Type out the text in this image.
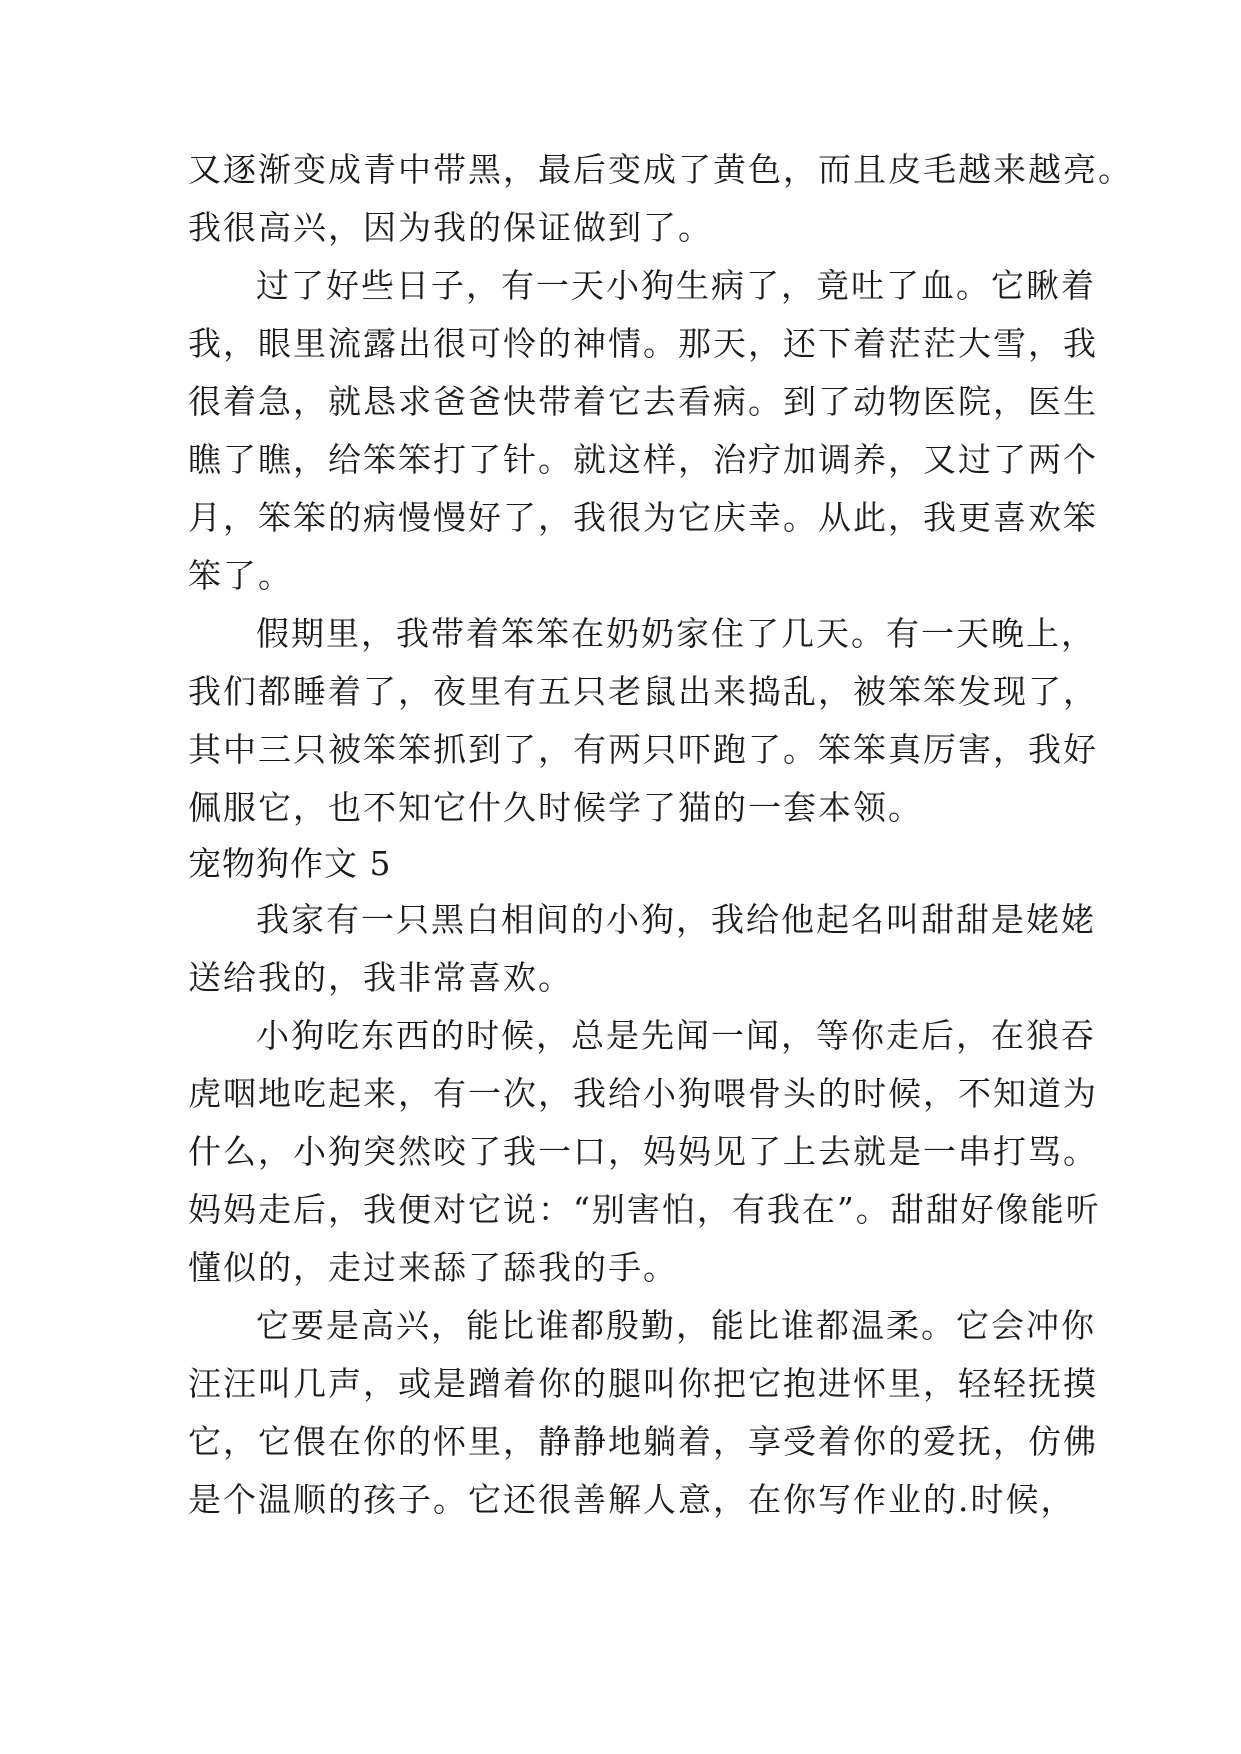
又逐渐变成青中带黑，最后变成了黄色，而且皮毛越来越亮。

我很高兴，因为我的保证做到了。

过了好些日子，有一天小狗生病了，竟吐了血。它瞅着

我，眼里流露出很可怜的神情。那天，还下着茫茫大雪，我

很着急，就恳求爸爸快带着它去看病。到了动物医院，医生

瞧了瞧，给笨笨打了针。就这样，治疗加调养，又过了两个

月，笨笨的病慢慢好了，我很为它庆幸。从此，我更喜欢笨

笨了。

假期里，我带着笨笨在奶奶家住了几天。有一天晚上，

我们都睡着了，夜里有五只老鼠出来捣乱，被笨笨发现了，

其中三只被笨笨抓到了，有两只吓跑了。笨笨真厉害，我好

佩服它，也不知它什久时候学了猫的一套本领。

宠物狗作文 5

我家有一只黑白相间的小狗，我给他起名叫甜甜是姥姥

送给我的，我非常喜欢。

小狗吃东西的时候，总是先闻一闻，等你走后，在狼吞

虎咽地吃起来，有一次，我给小狗喂骨头的时候，不知道为

什么，小狗突然咬了我一口，妈妈见了上去就是一串打骂。

妈妈走后，我便对它说：“别害怕，有我在”。甜甜好像能听

懂似的，走过来舔了舔我的手。

它要是高兴，能比谁都殷勤，能比谁都温柔。它会冲你

汪汪叫几声，或是蹭着你的腿叫你把它抱进怀里，轻轻抚摸

它，它偎在你的怀里，静静地躺着，享受着你的爱抚，仿佛

是个温顺的孩子。它还很善解人意，在你写作业的.时候，
